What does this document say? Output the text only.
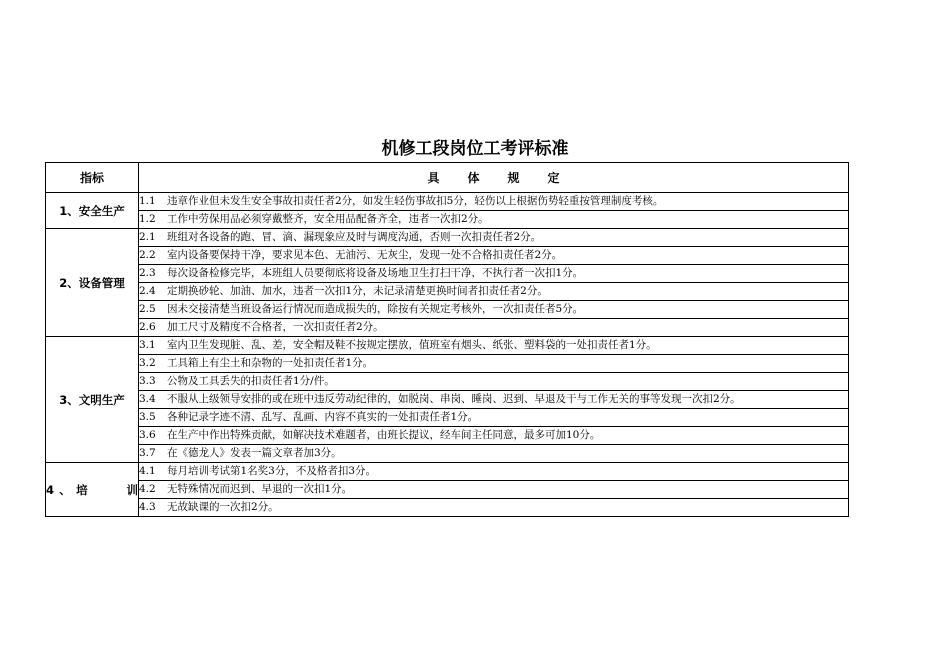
机修工段岗位工考评标准
指标	具 体 规 定
1、安全生产	1.1 违章作业但未发生安全事故扣责任者2分，如发生轻伤事故扣5分，轻伤以上根据伤势轻重按管理制度考核。
	1.2 工作中劳保用品必须穿戴整齐，安全用品配备齐全，违者一次扣2分。
2、设备管理	2.1 班组对各设备的跑、冒、滴、漏现象应及时与调度沟通，否则一次扣责任者2分。
	2.2 室内设备要保持干净，要求见本色、无油污、无灰尘，发现一处不合格扣责任者2分。
	2.3 每次设备检修完毕，本班组人员要彻底将设备及场地卫生打扫干净，不执行者一次扣1分。
	2.4 定期换砂轮、加油、加水，违者一次扣1分，未记录清楚更换时间者扣责任者2分。
	2.5 因未交接清楚当班设备运行情况而造成损失的，除按有关规定考核外，一次扣责任者5分。
	2.6 加工尺寸及精度不合格者，一次扣责任者2分。
3、文明生产	3.1 室内卫生发现脏、乱、差，安全帽及鞋不按规定摆放，值班室有烟头、纸张、塑料袋的一处扣责任者1分。
	3.2 工具箱上有尘土和杂物的一处扣责任者1分。
	3.3 公物及工具丢失的扣责任者1分/件。
	3.4 不服从上级领导安排的或在班中违反劳动纪律的，如脱岗、串岗、睡岗、迟到、早退及干与工作无关的事等发现一次扣2分。
	3.5 各种记录字迹不清、乱写、乱画、内容不真实的一处扣责任者1分。
	3.6 在生产中作出特殊贡献，如解决技术难题者，由班长提议，经车间主任同意，最多可加10分。
	3.7 在《德龙人》发表一篇文章者加3分。
4、培　　训	4.1 每月培训考试第1名奖3分，不及格者扣3分。
	4.2 无特殊情况而迟到、早退的一次扣1分。
	4.3 无故缺课的一次扣2分。
